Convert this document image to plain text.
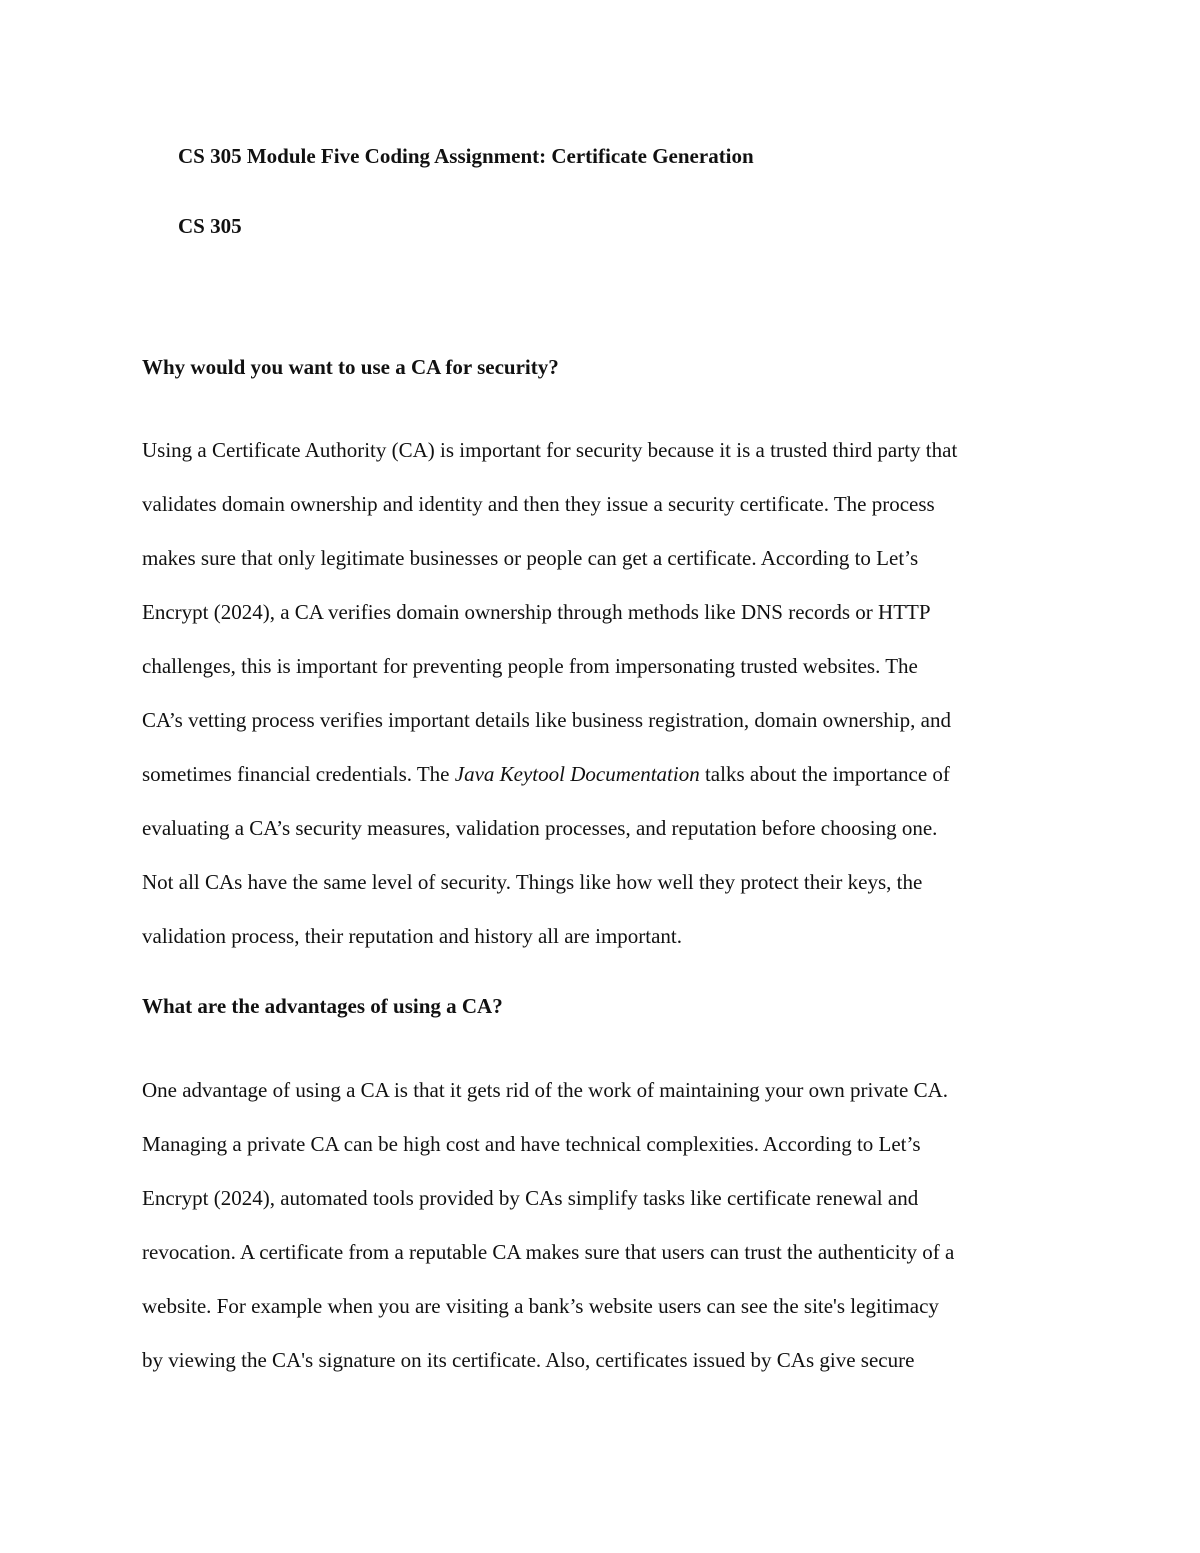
CS 305 Module Five Coding Assignment: Certificate Generation

CS 305

Why would you want to use a CA for security?

Using a Certificate Authority (CA) is important for security because it is a trusted third party that
validates domain ownership and identity and then they issue a security certificate. The process
makes sure that only legitimate businesses or people can get a certificate. According to Let’s
Encrypt (2024), a CA verifies domain ownership through methods like DNS records or HTTP
challenges, this is important for preventing people from impersonating trusted websites. The
CA’s vetting process verifies important details like business registration, domain ownership, and
sometimes financial credentials. The Java Keytool Documentation talks about the importance of
evaluating a CA’s security measures, validation processes, and reputation before choosing one.
Not all CAs have the same level of security. Things like how well they protect their keys, the
validation process, their reputation and history all are important.

What are the advantages of using a CA?

One advantage of using a CA is that it gets rid of the work of maintaining your own private CA.
Managing a private CA can be high cost and have technical complexities. According to Let’s
Encrypt (2024), automated tools provided by CAs simplify tasks like certificate renewal and
revocation. A certificate from a reputable CA makes sure that users can trust the authenticity of a
website. For example when you are visiting a bank’s website users can see the site's legitimacy
by viewing the CA's signature on its certificate. Also, certificates issued by CAs give secure
